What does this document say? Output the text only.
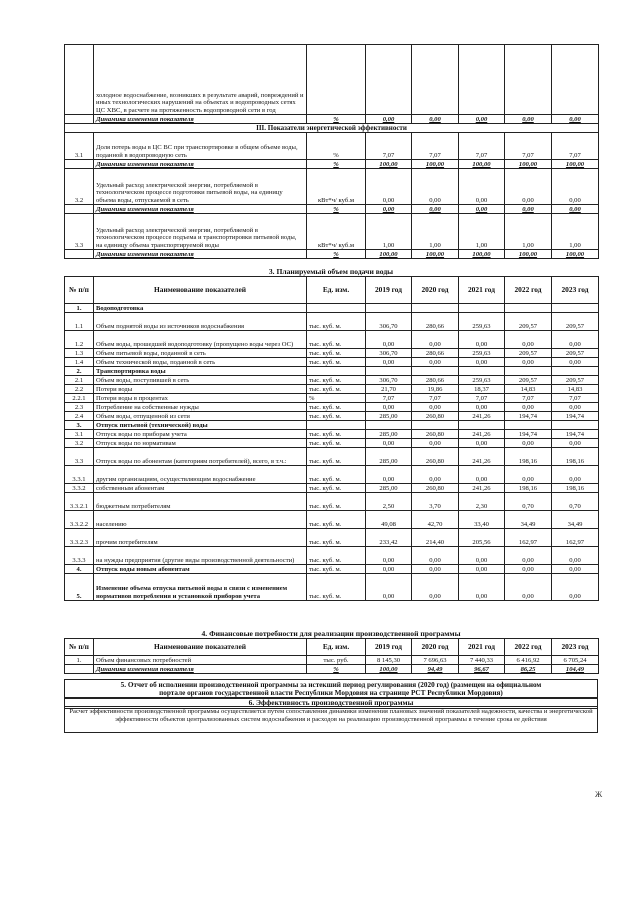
	холодное водоснабжение, возникших в результате аварий, повреждений и иных технологических нарушений на объектах и водопроводных сетях ЦС ХВС, в расчете на протяженность водопроводной сети в год						
	Динамика изменения показателя	%	0,00	0,00	0,00	0,00	0,00
III. Показатели энергетической эффективности							
3.1	Доля потерь воды в ЦС ВС при транспортировке в общем объеме воды, поданной в водопроводную сеть	%	7,07	7,07	7,07	7,07	7,07
	Динамика изменения показателя	%	100,00	100,00	100,00	100,00	100,00
3.2	Удельный расход электрической энергии, потребляемой в технологическом процессе подготовки питьевой воды, на единицу объема воды, отпускаемой в сеть	кВт*ч/ куб.м	0,00	0,00	0,00	0,00	0,00
	Динамика изменения показателя	%	0,00	0,00	0,00	0,00	0,00
3.3	Удельный расход электрической энергии, потребляемой в технологическом процессе подъема и транспортировки питьевой воды, на единицу объема транспортируемой воды	кВт*ч/ куб.м	1,00	1,00	1,00	1,00	1,00
	Динамика изменения показателя	%	100,00	100,00	100,00	100,00	100,00
3. Планируемый объем подачи воды
№ п/п	Наименование показателей	Ед. изм.	2019 год	2020 год	2021 год	2022 год	2023 год
1.	Водоподготовка						
1.1	Объем поднятой воды из источников водоснабжения	тыс. куб. м.	306,70	280,66	259,63	209,57	209,57
1.2	Объем воды, прошедшей водоподготовку (пропущено воды через ОС)	тыс. куб. м.	0,00	0,00	0,00	0,00	0,00
1.3	Объем питьевой воды, поданной в сеть	тыс. куб. м.	306,70	280,66	259,63	209,57	209,57
1.4	Объем технической воды, поданной в сеть	тыс. куб. м.	0,00	0,00	0,00	0,00	0,00
2.	Транспортировка воды						
2.1	Объем воды, поступившей в сеть	тыс. куб. м.	306,70	280,66	259,63	209,57	209,57
2.2	Потери воды	тыс. куб. м.	21,70	19,86	18,37	14,83	14,83
2.2.1	Потери воды в процентах	%	7,07	7,07	7,07	7,07	7,07
2.3	Потребление на собственные нужды	тыс. куб. м.	0,00	0,00	0,00	0,00	0,00
2.4	Объем воды, отпущенной из сети	тыс. куб. м.	285,00	260,80	241,26	194,74	194,74
3.	Отпуск питьевой (технической) воды						
3.1	Отпуск воды по приборам учета	тыс. куб. м.	285,00	260,80	241,26	194,74	194,74
3.2	Отпуск воды по нормативам	тыс. куб. м.	0,00	0,00	0,00	0,00	0,00
3.3	Отпуск воды по абонентам (категориям потребителей), всего, в т.ч.:	тыс. куб. м.	285,00	260,80	241,26	198,16	198,16
3.3.1	другим организациям, осуществляющим водоснабжение	тыс. куб. м.	0,00	0,00	0,00	0,00	0,00
3.3.2	собственным абонентам	тыс. куб. м.	285,00	260,80	241,26	198,16	198,16
3.3.2.1	бюджетным потребителям	тыс. куб. м.	2,50	3,70	2,30	0,70	0,70
3.3.2.2	населению	тыс. куб. м.	49,08	42,70	33,40	34,49	34,49
3.3.2.3	прочим потребителям	тыс. куб. м.	233,42	214,40	205,56	162,97	162,97
3.3.3	на нужды предприятия (другие виды производственной деятельности)	тыс. куб. м.	0,00	0,00	0,00	0,00	0,00
4.	Отпуск воды новым абонентам	тыс. куб. м.	0,00	0,00	0,00	0,00	0,00
5.	Изменение объема отпуска питьевой воды в связи с изменением нормативов потребления и установкой приборов учета	тыс. куб. м.	0,00	0,00	0,00	0,00	0,00
4. Финансовые потребности для реализации производственной программы
№ п/п	Наименование показателей	Ед. изм.	2019 год	2020 год	2021 год	2022 год	2023 год
1.	Объем финансовых потребностей	тыс. руб.	8 145,30	7 696,63	7 440,33	6 416,92	6 705,24
	Динамика изменения показателя	%	100,00	94,49	96,67	86,25	104,49
5. Отчет об исполнении производственной программы за истекший период регулирования (2020 год) (размещен на официальном
портале органов государственной власти Республики Мордовия на странице РСТ Республики Мордовия)
6. Эффективность производственной программы
Расчет эффективности производственной программы осуществляется путем сопоставления динамики изменения плановых значений показателей надежности, качества и энергетической эффективности объектов централизованных систем водоснабжения и расходов на реализацию производственной программы в течение срока ее действия
Ж
